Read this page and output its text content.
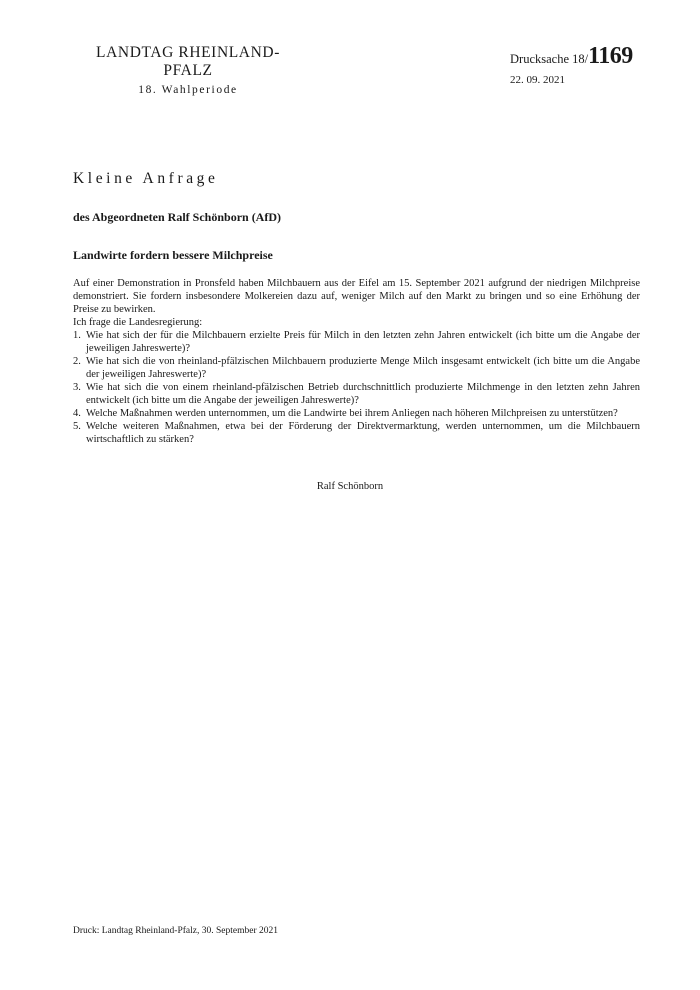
LANDTAG RHEINLAND-PFALZ
18. Wahlperiode
Drucksache 18/1169
22. 09. 2021
Kleine Anfrage
des Abgeordneten Ralf Schönborn (AfD)
Landwirte fordern bessere Milchpreise

Auf einer Demonstration in Pronsfeld haben Milchbauern aus der Eifel am 15. September 2021 aufgrund der niedrigen Milchpreise demonstriert. Sie fordern insbesondere Molkereien dazu auf, weniger Milch auf den Markt zu bringen und so eine Erhöhung der Preise zu bewirken.

Ich frage die Landesregierung:

1. Wie hat sich der für die Milchbauern erzielte Preis für Milch in den letzten zehn Jahren entwickelt (ich bitte um die Angabe der jeweiligen Jahreswerte)?
2. Wie hat sich die von rheinland-pfälzischen Milchbauern produzierte Menge Milch insgesamt entwickelt (ich bitte um die Angabe der jeweiligen Jahreswerte)?
3. Wie hat sich die von einem rheinland-pfälzischen Betrieb durchschnittlich produzierte Milchmenge in den letzten zehn Jahren entwickelt (ich bitte um die Angabe der jeweiligen Jahreswerte)?
4. Welche Maßnahmen werden unternommen, um die Landwirte bei ihrem Anliegen nach höheren Milchpreisen zu unterstützen?
5. Welche weiteren Maßnahmen, etwa bei der Förderung der Direktvermarktung, werden unternommen, um die Milchbauern wirtschaftlich zu stärken?
Ralf Schönborn
Druck: Landtag Rheinland-Pfalz, 30. September 2021
